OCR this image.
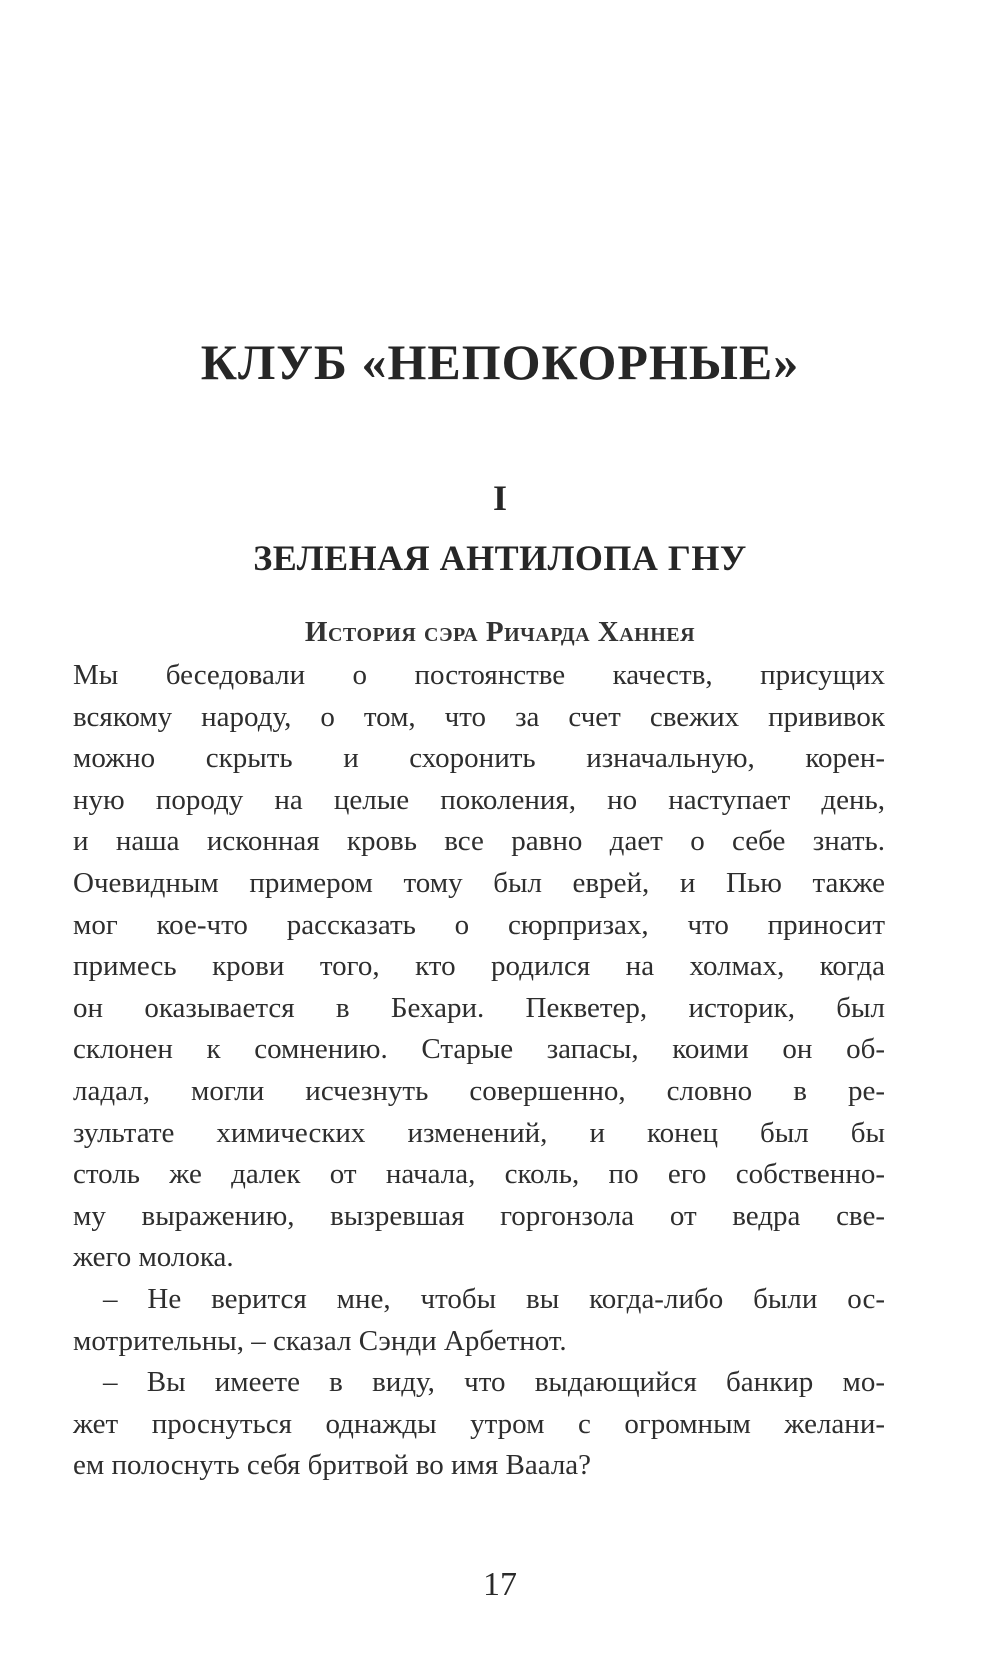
КЛУБ «НЕПОКОРНЫЕ»
I
ЗЕЛЕНАЯ АНТИЛОПА ГНУ
История сэра Ричарда Ханнея
Мы беседовали о постоянстве качеств, присущих
всякому народу, о том, что за счет свежих прививок
можно скрыть и схоронить изначальную, корен-
ную породу на целые поколения, но наступает день,
и наша исконная кровь все равно дает о себе знать.
Очевидным примером тому был еврей, и Пью также
мог кое-что рассказать о сюрпризах, что приносит
примесь крови того, кто родился на холмах, когда
он оказывается в Бехари. Пекветер, историк, был
склонен к сомнению. Старые запасы, коими он об-
ладал, могли исчезнуть совершенно, словно в ре-
зультате химических изменений, и конец был бы
столь же далек от начала, сколь, по его собственно-
му выражению, вызревшая горгонзола от ведра све-
жего молока.
– Не верится мне, чтобы вы когда-либо были ос-
мотрительны, – сказал Сэнди Арбетнот.
– Вы имеете в виду, что выдающийся банкир мо-
жет проснуться однажды утром с огромным желани-
ем полоснуть себя бритвой во имя Ваала?
17
